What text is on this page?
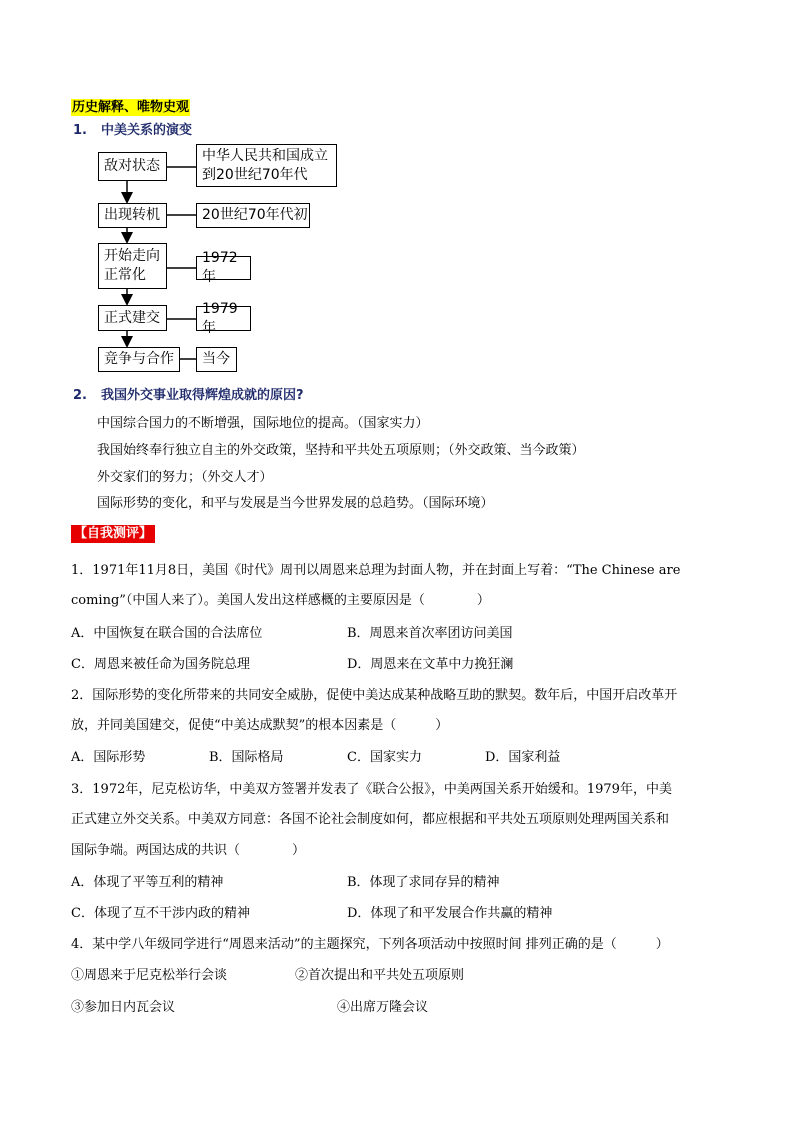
历史解释、唯物史观
1. 中美关系的演变
敌对状态
出现转机
开始走向
正常化
正式建交
竞争与合作
中华人民共和国成立
到20世纪70年代
20世纪70年代初
1972年
1979年
当今
2. 我国外交事业取得辉煌成就的原因?
中国综合国力的不断增强，国际地位的提高。（国家实力）
我国始终奉行独立自主的外交政策，坚持和平共处五项原则；（外交政策、当今政策）
外交家们的努力；（外交人才）
国际形势的变化，和平与发展是当今世界发展的总趋势。（国际环境）
【自我测评】
1．1971年11月8日，美国《时代》周刊以周恩来总理为封面人物，并在封面上写着：“The Chinese are
coming”（中国人来了）。美国人发出这样感概的主要原因是（　　　　）
A．中国恢复在联合国的合法席位	B．周恩来首次率团访问美国
C．周恩来被任命为国务院总理	D．周恩来在文革中力挽狂澜
2．国际形势的变化所带来的共同安全威胁，促使中美达成某种战略互助的默契。数年后，中国开启改革开
放，并同美国建交，促使“中美达成默契”的根本因素是（　　　）
A．国际形势	B．国际格局	C．国家实力	D．国家利益
3．1972年，尼克松访华，中美双方签署并发表了《联合公报》，中美两国关系开始缓和。1979年，中美
正式建立外交关系。中美双方同意：各国不论社会制度如何，都应根据和平共处五项原则处理两国关系和
国际争端。两国达成的共识（　　　　）
A．体现了平等互利的精神	B．体现了求同存异的精神
C．体现了互不干涉内政的精神	D．体现了和平发展合作共赢的精神
4．某中学八年级同学进行“周恩来活动”的主题探究，下列各项活动中按照时间 排列正确的是（　　　）
①周恩来于尼克松举行会谈	②首次提出和平共处五项原则
③参加日内瓦会议	④出席万隆会议
